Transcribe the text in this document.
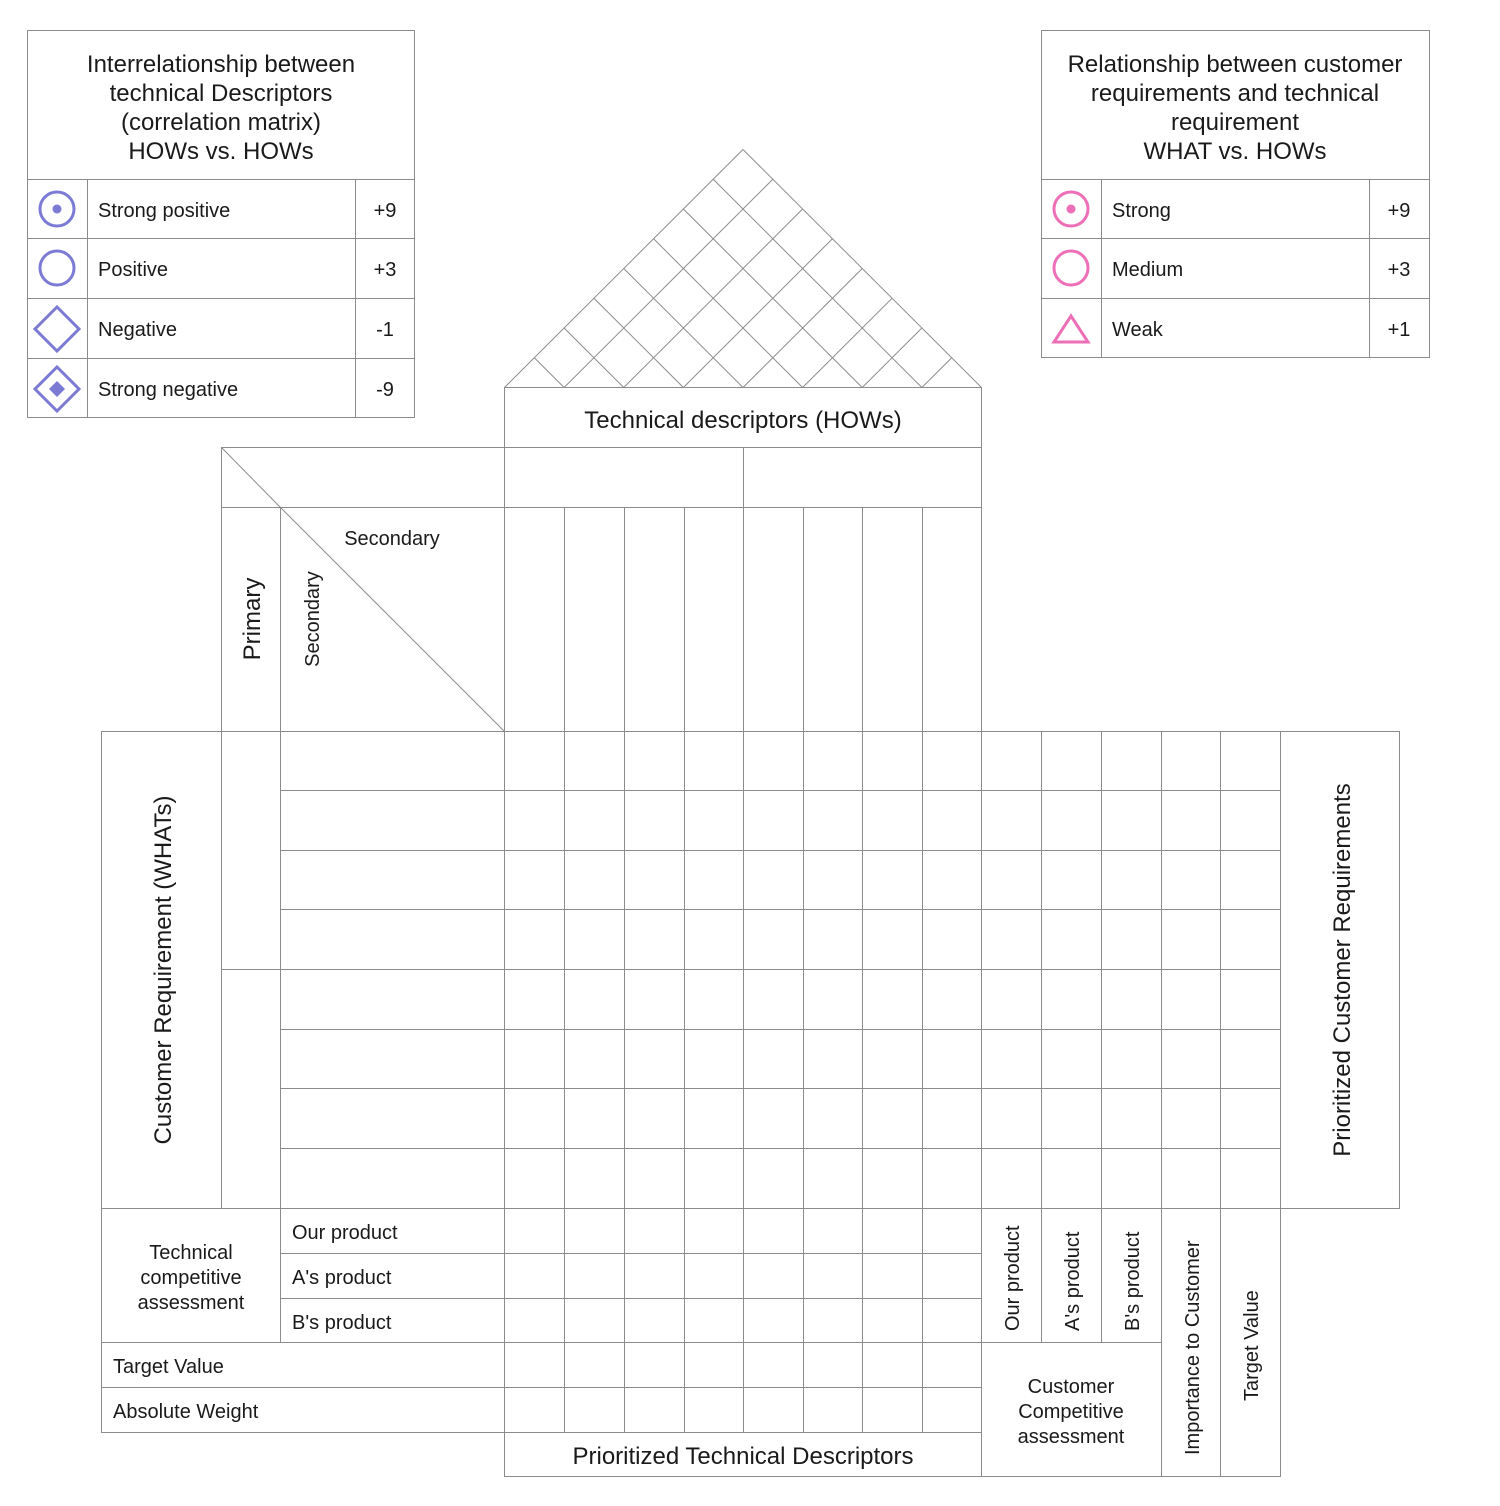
Interrelationship between
technical Descriptors
(correlation matrix)
HOWs vs. HOWs
Strong positive
Positive
Negative
Strong negative
+9
+3
-1
-9
Relationship between customer
requirements and technical
requirement
WHAT vs. HOWs
Strong
Medium
Weak
+9
+3
+1
Technical descriptors (HOWs)
Secondary
Primary Secondary
Customer Requirement (WHATs)	Prioritized Customer Requirements
Technical
competitive
assessment
Our product
A's product
B's product
Target Value
Absolute Weight
Prioritized Technical Descriptors
Our product A's product B's product
Customer
Competitive
assessment	Importance to Customer Target Value
